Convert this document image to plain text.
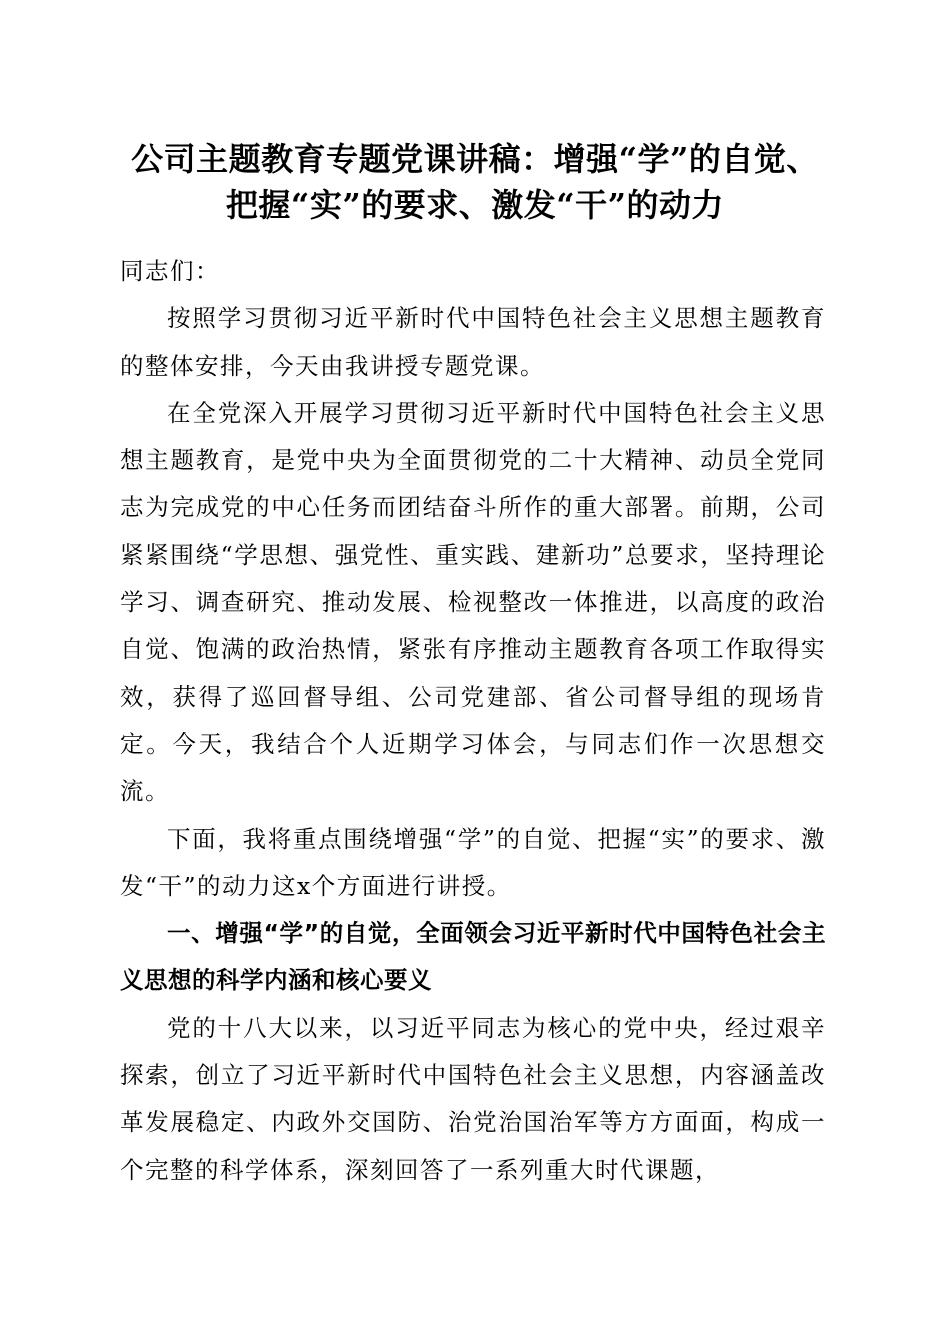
公司主题教育专题党课讲稿：增强“学”的自觉、把握“实”的要求、激发“干”的动力

同志们：

按照学习贯彻习近平新时代中国特色社会主义思想主题教育的整体安排，今天由我讲授专题党课。

在全党深入开展学习贯彻习近平新时代中国特色社会主义思想主题教育，是党中央为全面贯彻党的二十大精神、动员全党同志为完成党的中心任务而团结奋斗所作的重大部署。前期，公司紧紧围绕“学思想、强党性、重实践、建新功”总要求，坚持理论学习、调查研究、推动发展、检视整改一体推进，以高度的政治自觉、饱满的政治热情，紧张有序推动主题教育各项工作取得实效，获得了巡回督导组、公司党建部、省公司督导组的现场肯定。今天，我结合个人近期学习体会，与同志们作一次思想交流。

下面，我将重点围绕增强“学”的自觉、把握“实”的要求、激发“干”的动力这x个方面进行讲授。

一、增强“学”的自觉，全面领会习近平新时代中国特色社会主义思想的科学内涵和核心要义

党的十八大以来，以习近平同志为核心的党中央，经过艰辛探索，创立了习近平新时代中国特色社会主义思想，内容涵盖改革发展稳定、内政外交国防、治党治国治军等方方面面，构成一个完整的科学体系，深刻回答了一系列重大时代课题，
